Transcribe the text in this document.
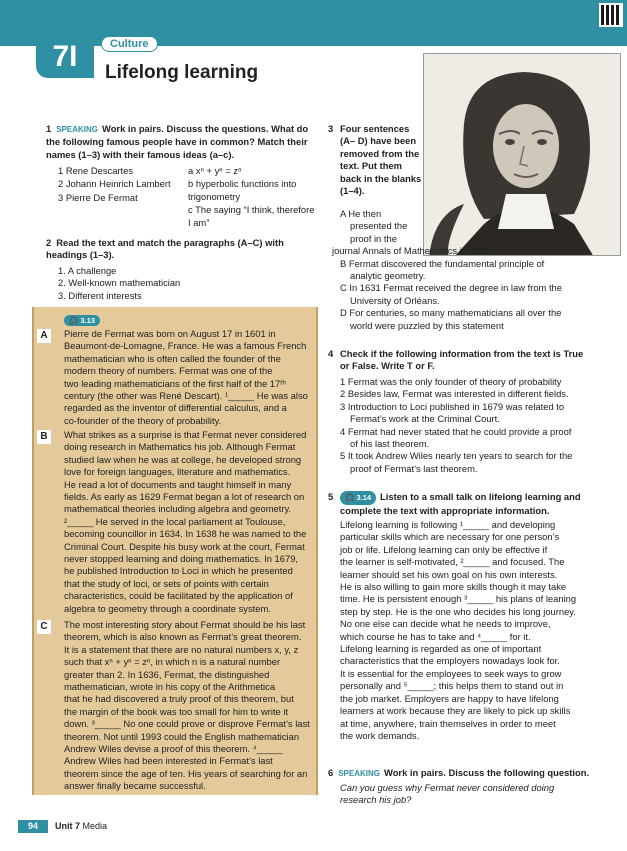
7I	Culture
Lifelong learning
1 SPEAKING Work in pairs. Discuss the questions. What do the following famous people have in common? Match their names (1–3) with their famous ideas (a–c).
1 Rene Descartes
2 Johann Heinrich Lambert
3 Pierre De Fermat
a xⁿ + yⁿ = zⁿ
b hyperbolic functions into trigonometry
c The saying “I think, therefore I am”
2 Read the text and match the paragraphs (A–C) with headings (1–3).
1. A challenge
2. Well-known mathematician
3. Different interests
🎧 3.13
A	Pierre de Fermat was born on August 17 in 1601 in
Beaumont-de-Lomagne, France. He was a famous French
mathematician who is often called the founder of the
modern theory of numbers. Fermat was one of the
two leading mathematicians of the first half of the 17ᵗʰ
century (the other was René Descart). ¹_____ He was also
regarded as the inventor of differential calculus, and a
co-founder of the theory of probability.
B	What strikes as a surprise is that Fermat never considered
doing research in Mathematics his job. Although Fermat
studied law when he was at college, he developed strong
love for foreign languages, literature and mathematics.
He read a lot of documents and taught himself in many
fields. As early as 1629 Fermat began a lot of research on
mathematical theories including algebra and geometry.
²_____ He served in the local parliament at Toulouse,
becoming councillor in 1634. In 1638 he was named to the
Criminal Court. Despite his busy work at the court, Fermat
never stopped learning and doing mathematics. In 1679,
he published Introduction to Loci in which he presented
that the study of loci, or sets of points with certain
characteristics, could be facilitated by the application of
algebra to geometry through a coordinate system.
C	The most interesting story about Fermat should be his last
theorem, which is also known as Fermat’s great theorem.
It is a statement that there are no natural numbers x, y, z
such that xⁿ + yⁿ = zⁿ, in which n is a natural number
greater than 2. In 1636, Fermat, the distinguished
mathematician, wrote in his copy of the Arithmetica
that he had discovered a truly proof of this theorem, but
the margin of the book was too small for him to write it
down. ³_____ No one could prove or disprove Fermat’s last
theorem. Not until 1993 could the English mathematician
Andrew Wiles devise a proof of this theorem. ⁴_____
Andrew Wiles had been interested in Fermat’s last
theorem since the age of ten. His years of searching for an
answer finally became successful.
3 Four sentences
(A– D) have been
removed from the
text. Put them
back in the blanks
(1–4).
A He then
presented the
proof in the
journal Annals of Mathematics in 1995.
B Fermat discovered the fundamental principle of
analytic geometry.
C In 1631 Fermat received the degree in law from the
University of Orléans.
D For centuries, so many mathematicians all over the
world were puzzled by this statement
4 Check if the following information from the text is True
or False. Write T or F.
1 Fermat was the only founder of theory of probability
2 Besides law, Fermat was interested in different fields.
3 Introduction to Loci published in 1679 was related to
Fermat’s work at the Criminal Court.
4 Fermat had never stated that he could provide a proof
of his last theorem.
5 It took Andrew Wiles nearly ten years to search for the
proof of Fermat’s last theorem.
5	🎧 3.14 Listen to a small talk on lifelong learning and
complete the text with appropriate information.
Lifelong learning is following ¹_____ and developing
particular skills which are necessary for one person’s
job or life. Lifelong learning can only be effective if
the learner is self-motivated, ²_____ and focused. The
learner should set his own goal on his own interests.
He is also willing to gain more skills though it may take
time. He is persistent enough ³_____ his plans of leaning
step by step. He is the one who decides his long journey.
No one else can decide what he needs to improve,
which course he has to take and ⁴_____ for it.
Lifelong learning is regarded as one of important
characteristics that the employers nowadays look for.
It is essential for the employees to seek ways to grow
personally and ⁵_____; this helps them to stand out in
the job market. Employers are happy to have lifelong
learners at work because they are likely to pick up skills
at time, anywhere, train themselves in order to meet
the work demands.
6 SPEAKING Work in pairs. Discuss the following question.
Can you guess why Fermat never considered doing
research his job?
94	Unit 7 Media
